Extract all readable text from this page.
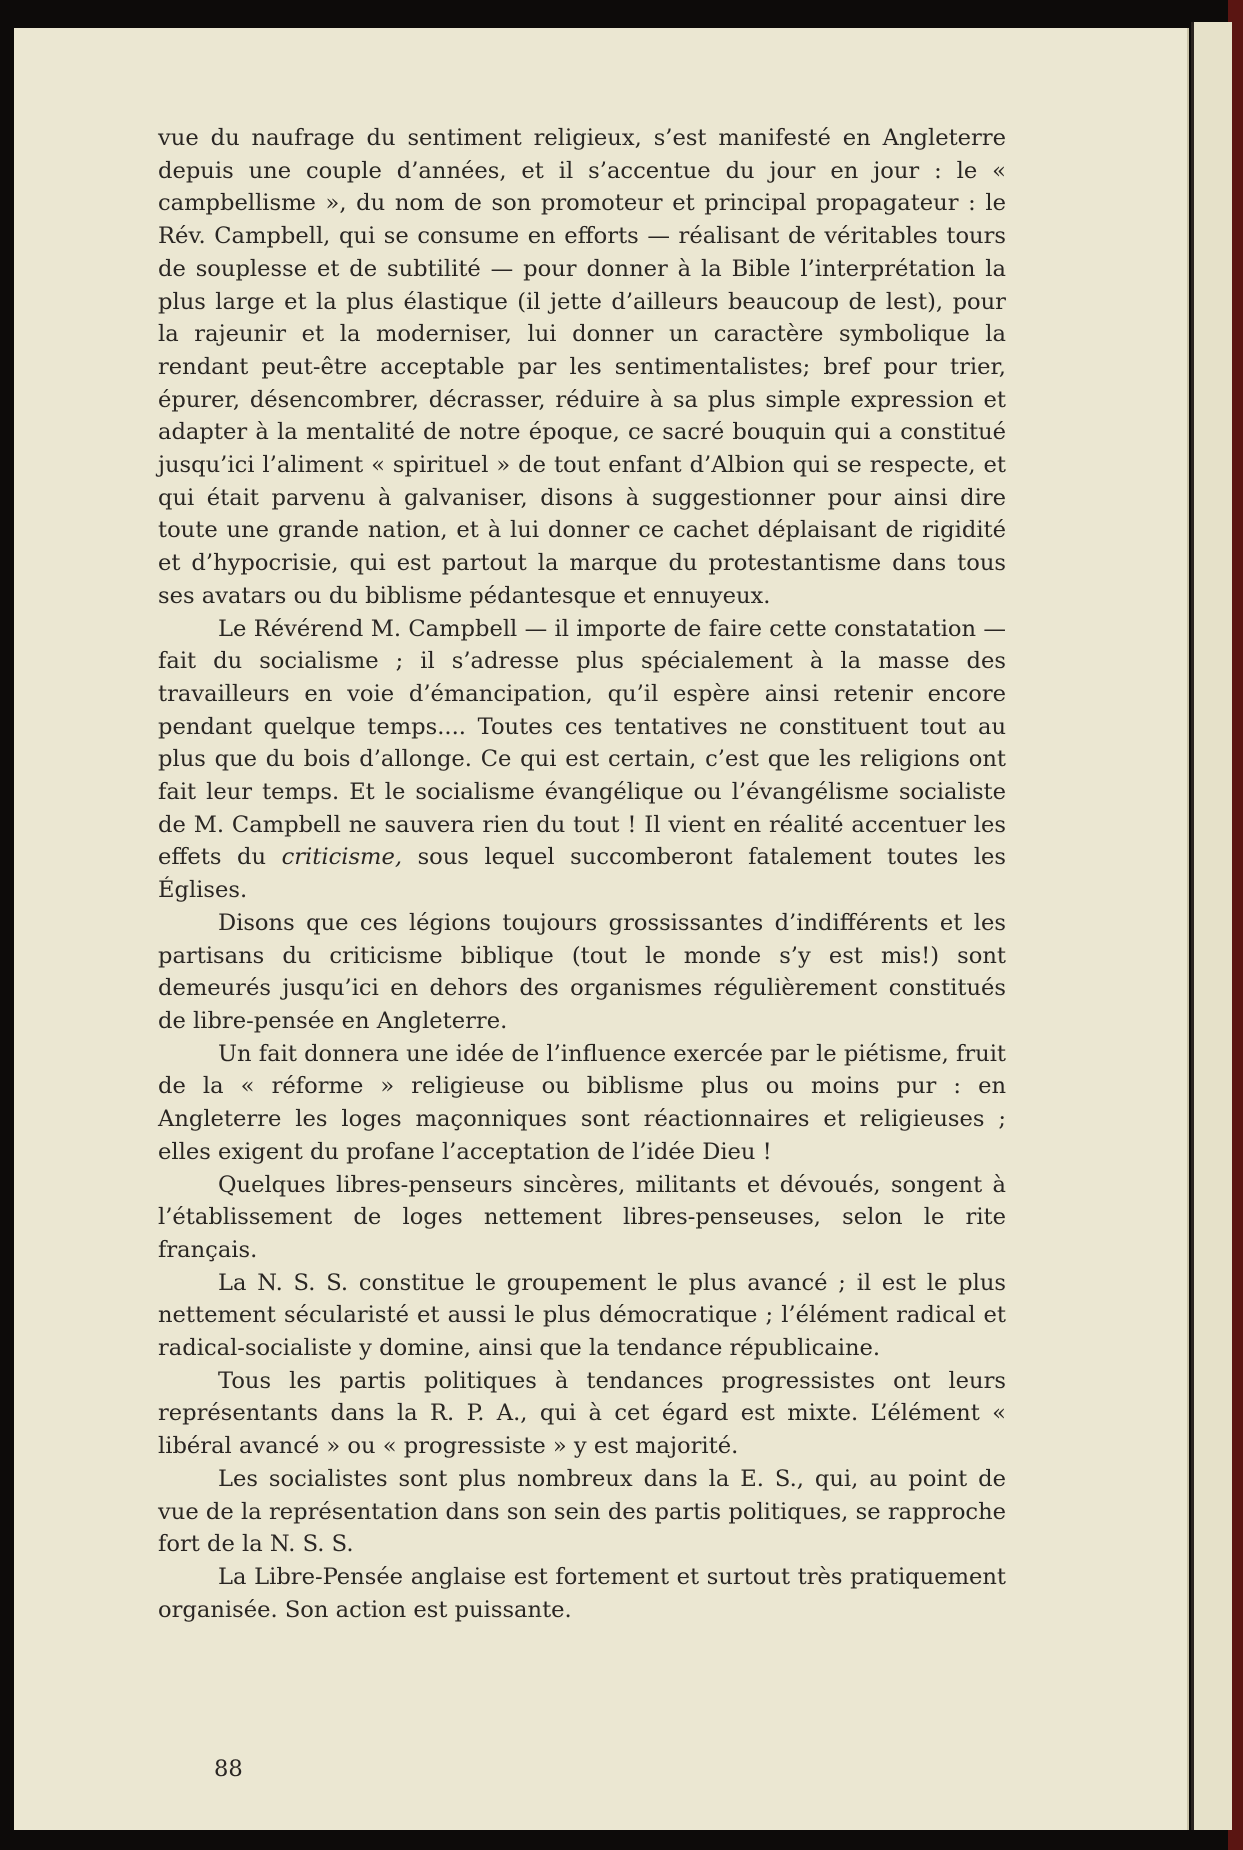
vue du naufrage du sentiment religieux, s’est manifesté en Angleterre depuis une couple d’années, et il s’accentue du jour en jour : le « campbellisme », du nom de son promoteur et principal propagateur : le Rév. Campbell, qui se consume en efforts — réalisant de véritables tours de souplesse et de subtilité — pour donner à la Bible l’interprétation la plus large et la plus élastique (il jette d’ailleurs beaucoup de lest), pour la rajeunir et la moderniser, lui donner un caractère symbolique la rendant peut-être acceptable par les sentimentalistes; bref pour trier, épurer, désencombrer, décrasser, réduire à sa plus simple expression et adapter à la mentalité de notre époque, ce sacré bouquin qui a constitué jusqu’ici l’aliment « spirituel » de tout enfant d’Albion qui se respecte, et qui était parvenu à galvaniser, disons à suggestionner pour ainsi dire toute une grande nation, et à lui donner ce cachet déplaisant de rigidité et d’hypocrisie, qui est partout la marque du protestantisme dans tous ses avatars ou du biblisme pédantesque et ennuyeux.

Le Révérend M. Campbell — il importe de faire cette constatation — fait du socialisme ; il s’adresse plus spécialement à la masse des travailleurs en voie d’émancipation, qu’il espère ainsi retenir encore pendant quelque temps.... Toutes ces tentatives ne constituent tout au plus que du bois d’allonge. Ce qui est certain, c’est que les religions ont fait leur temps. Et le socialisme évangélique ou l’évangélisme socialiste de M. Campbell ne sauvera rien du tout ! Il vient en réalité accentuer les effets du criticisme, sous lequel succomberont fatalement toutes les Églises.

Disons que ces légions toujours grossissantes d’indifférents et les partisans du criticisme biblique (tout le monde s’y est mis!) sont demeurés jusqu’ici en dehors des organismes régulièrement constitués de libre-pensée en Angleterre.

Un fait donnera une idée de l’influence exercée par le piétisme, fruit de la « réforme » religieuse ou biblisme plus ou moins pur : en Angleterre les loges maçonniques sont réactionnaires et religieuses ; elles exigent du profane l’acceptation de l’idée Dieu !

Quelques libres-penseurs sincères, militants et dévoués, songent à l’établissement de loges nettement libres-penseuses, selon le rite français.

La N. S. S. constitue le groupement le plus avancé ; il est le plus nettement sécularisté et aussi le plus démocratique ; l’élément radical et radical-socialiste y domine, ainsi que la tendance républicaine.

Tous les partis politiques à tendances progressistes ont leurs représentants dans la R. P. A., qui à cet égard est mixte. L’élément « libéral avancé » ou « progressiste » y est majorité.

Les socialistes sont plus nombreux dans la E. S., qui, au point de vue de la représentation dans son sein des partis politiques, se rapproche fort de la N. S. S.

La Libre-Pensée anglaise est fortement et surtout très pratiquement organisée. Son action est puissante.

88
